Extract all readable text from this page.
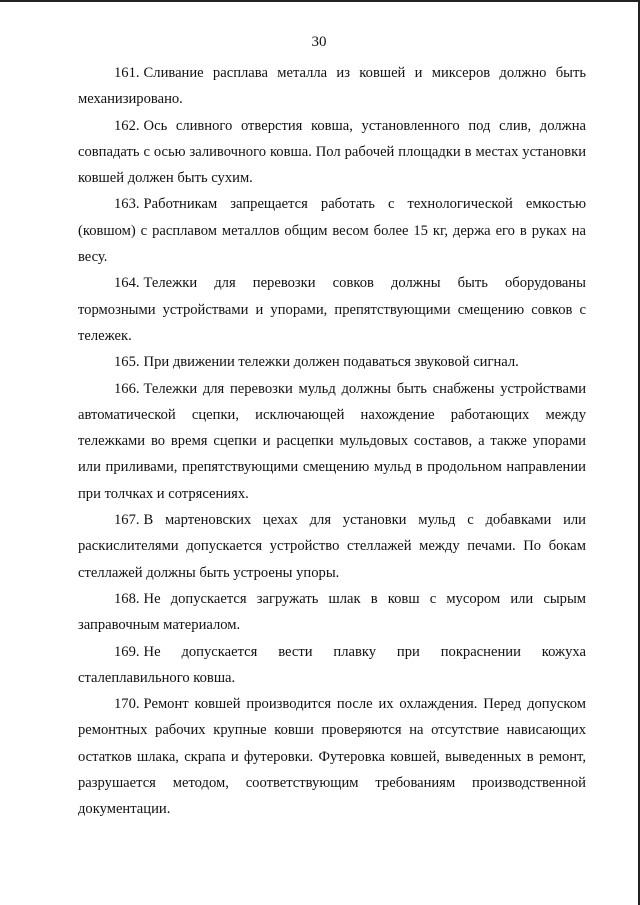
30

161. Сливание расплава металла из ковшей и миксеров должно быть механизировано.

162. Ось сливного отверстия ковша, установленного под слив, должна совпадать с осью заливочного ковша. Пол рабочей площадки в местах установки ковшей должен быть сухим.

163. Работникам запрещается работать с технологической емкостью (ковшом) с расплавом металлов общим весом более 15 кг, держа его в руках на весу.

164. Тележки для перевозки совков должны быть оборудованы тормозными устройствами и упорами, препятствующими смещению совков с тележек.

165. При движении тележки должен подаваться звуковой сигнал.

166. Тележки для перевозки мульд должны быть снабжены устройствами автоматической сцепки, исключающей нахождение работающих между тележками во время сцепки и расцепки мульдовых составов, а также упорами или приливами, препятствующими смещению мульд в продольном направлении при толчках и сотрясениях.

167. В мартеновских цехах для установки мульд с добавками или раскислителями допускается устройство стеллажей между печами. По бокам стеллажей должны быть устроены упоры.

168. Не допускается загружать шлак в ковш с мусором или сырым заправочным материалом.

169. Не допускается вести плавку при покраснении кожуха сталеплавильного ковша.

170. Ремонт ковшей производится после их охлаждения. Перед допуском ремонтных рабочих крупные ковши проверяются на отсутствие нависающих остатков шлака, скрапа и футеровки. Футеровка ковшей, выведенных в ремонт, разрушается методом, соответствующим требованиям производственной документации.
